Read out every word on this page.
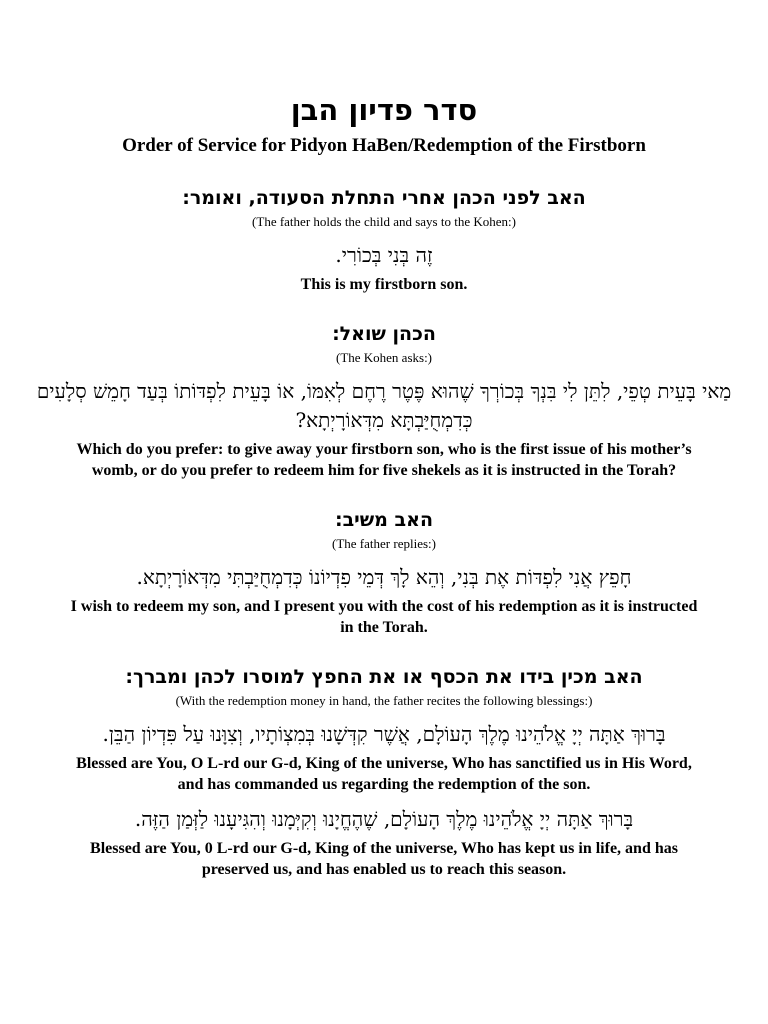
סדר פדיון הבן
Order of Service for Pidyon HaBen/Redemption of the Firstborn

האב לפני הכהן אחרי התחלת הסעודה, ואומר:

(The father holds the child and says to the Kohen:)

זֶה בְּנִי בְּכוֹרִי.

This is my firstborn son.

הכהן שואל:

(The Kohen asks:)

מַאי בָּעֵית טְפֵי, לִתֵּן לִי בִּנְךָ בְּכוֹרְךָ שֶׁהוּא פֶּטֶר רֶחֶם לְאִמּוֹ, אוֹ בָּעֵית לִפְדּוֹתוֹ בְּעַד חָמֵשׁ סְלָעִים כְּדִמְחֻיַּבְתָּא מִדְּאוֹרָיְתָא?

Which do you prefer: to give away your firstborn son, who is the first issue of his mother’s womb, or do you prefer to redeem him for five shekels as it is instructed in the Torah?

האב משיב:

(The father replies:)

חָפֵץ אֲנִי לִפְדּוֹת אֶת בְּנִי, וְהֵא לָךְ דְּמֵי פִדְיוֹנוֹ כְּדִמְחֻיַּבְתִּי מִדְּאוֹרָיְתָא.

I wish to redeem my son, and I present you with the cost of his redemption as it is instructed in the Torah.

האב מכין בידו את הכסף או את החפץ למוסרו לכהן ומברך:

(With the redemption money in hand, the father recites the following blessings:)

בָּרוּךְ אַתָּה יְיָ אֱלֹהֵינוּ מֶלֶךְ הָעוֹלָם, אֲשֶׁר קִדְּשָׁנוּ בְּמִצְוֹתָיו, וְצִוָּנוּ עַל פִּדְיוֹן הַבֵּן.

Blessed are You, O L-rd our G-d, King of the universe, Who has sanctified us in His Word, and has commanded us regarding the redemption of the son.

בָּרוּךְ אַתָּה יְיָ אֱלֹהֵינוּ מֶלֶךְ הָעוֹלָם, שֶׁהֶחֱיָנוּ וְקִיְּמָנוּ וְהִגִּיעָנוּ לַזְּמַן הַזֶּה.

Blessed are You, 0 L-rd our G-d, King of the universe, Who has kept us in life, and has preserved us, and has enabled us to reach this season.
